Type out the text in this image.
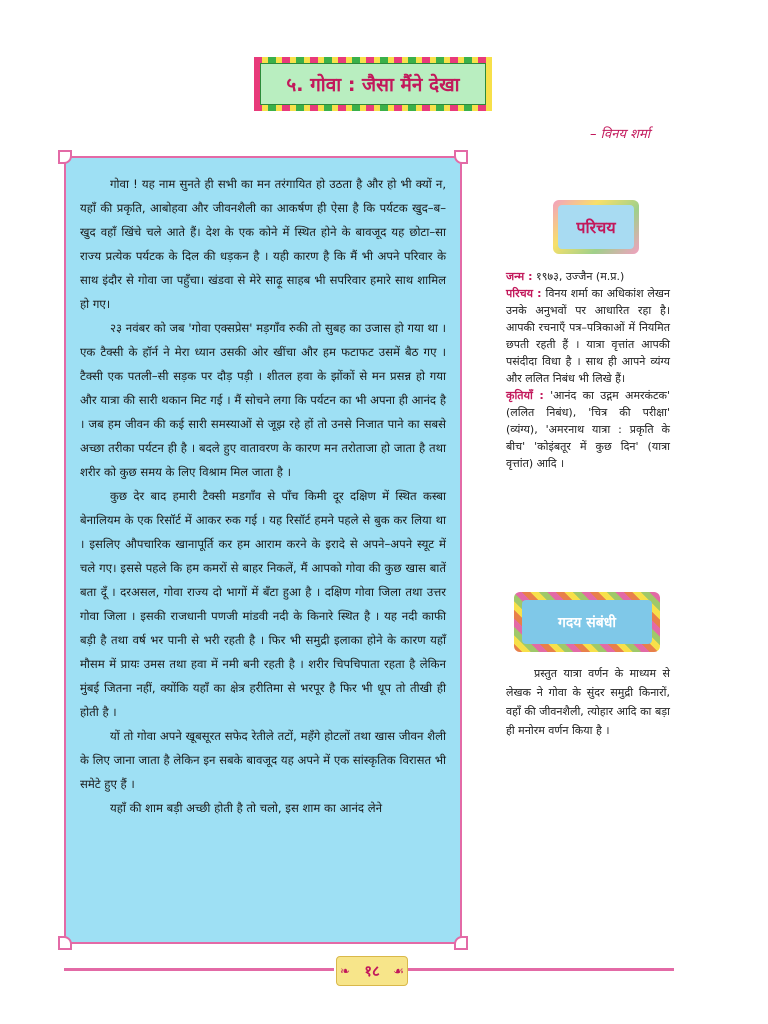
५. गोवा : जैसा मैंने देखा
– विनय शर्मा

गोवा ! यह नाम सुनते ही सभी का मन तरंगायित हो उठता है और हो भी क्यों न, यहाँ की प्रकृति, आबोहवा और जीवनशैली का आकर्षण ही ऐसा है कि पर्यटक खुद–ब–खुद वहाँ खिंचे चले आते हैं। देश के एक कोने में स्थित होने के बावजूद यह छोटा–सा राज्य प्रत्येक पर्यटक के दिल की धड़कन है । यही कारण है कि मैं भी अपने परिवार के साथ इंदौर से गोवा जा पहुँचा। खंडवा से मेरे साढ़ू साहब भी सपरिवार हमारे साथ शामिल हो गए।

२३ नवंबर को जब 'गोवा एक्सप्रेस' मड़गाँव रुकी तो सुबह का उजास हो गया था । एक टैक्सी के हॉर्न ने मेरा ध्यान उसकी ओर खींचा और हम फटाफट उसमें बैठ गए । टैक्सी एक पतली–सी सड़क पर दौड़ पड़ी । शीतल हवा के झोंकों से मन प्रसन्न हो गया और यात्रा की सारी थकान मिट गई । मैं सोचने लगा कि पर्यटन का भी अपना ही आनंद है । जब हम जीवन की कई सारी समस्याओं से जूझ रहे हों तो उनसे निजात पाने का सबसे अच्छा तरीका पर्यटन ही है । बदले हुए वातावरण के कारण मन तरोताजा हो जाता है तथा शरीर को कुछ समय के लिए विश्राम मिल जाता है ।

कुछ देर बाद हमारी टैक्सी मडगाँव से पाँच किमी दूर दक्षिण में स्थित कस्बा बेनालियम के एक रिसॉर्ट में आकर रुक गई । यह रिसॉर्ट हमने पहले से बुक कर लिया था । इसलिए औपचारिक खानापूर्ति कर हम आराम करने के इरादे से अपने–अपने स्यूट में चले गए। इससे पहले कि हम कमरों से बाहर निकलें, मैं आपको गोवा की कुछ खास बातें बता दूँ । दरअसल, गोवा राज्य दो भागों में बँटा हुआ है । दक्षिण गोवा जिला तथा उत्तर गोवा जिला । इसकी राजधानी पणजी मांडवी नदी के किनारे स्थित है । यह नदी काफी बड़ी है तथा वर्ष भर पानी से भरी रहती है । फिर भी समुद्री इलाका होने के कारण यहाँ मौसम में प्रायः उमस तथा हवा में नमी बनी रहती है । शरीर चिपचिपाता रहता है लेकिन मुंबई जितना नहीं, क्योंकि यहाँ का क्षेत्र हरीतिमा से भरपूर है फिर भी धूप तो तीखी ही होती है ।

यों तो गोवा अपने खूबसूरत सफेद रेतीले तटों, महँगे होटलों तथा खास जीवन शैली के लिए जाना जाता है लेकिन इन सबके बावजूद यह अपने में एक सांस्कृतिक विरासत भी समेटे हुए हैं ।

यहाँ की शाम बड़ी अच्छी होती है तो चलो, इस शाम का आनंद लेने

परिचय

जन्म : १९७३, उज्जैन (म.प्र.)

परिचय : विनय शर्मा का अधिकांश लेखन उनके अनुभवों पर आधारित रहा है। आपकी रचनाएँ पत्र–पत्रिकाओं में नियमित छपती रहती हैं । यात्रा वृत्तांत आपकी पसंदीदा विधा है । साथ ही आपने व्यंग्य और ललित निबंध भी लिखे हैं।

कृतियाँ : 'आनंद का उद्गम अमरकंटक' (ललित निबंध), 'चित्र की परीक्षा' (व्यंग्य), 'अमरनाथ यात्रा : प्रकृति के बीच' 'कोइंबतूर में कुछ दिन' (यात्रा वृत्तांत) आदि ।

गदय संबंधी

प्रस्तुत यात्रा वर्णन के माध्यम से लेखक ने गोवा के सुंदर समुद्री किनारों, वहाँ की जीवनशैली, त्योहार आदि का बड़ा ही मनोरम वर्णन किया है ।

❧ १८ ☙
